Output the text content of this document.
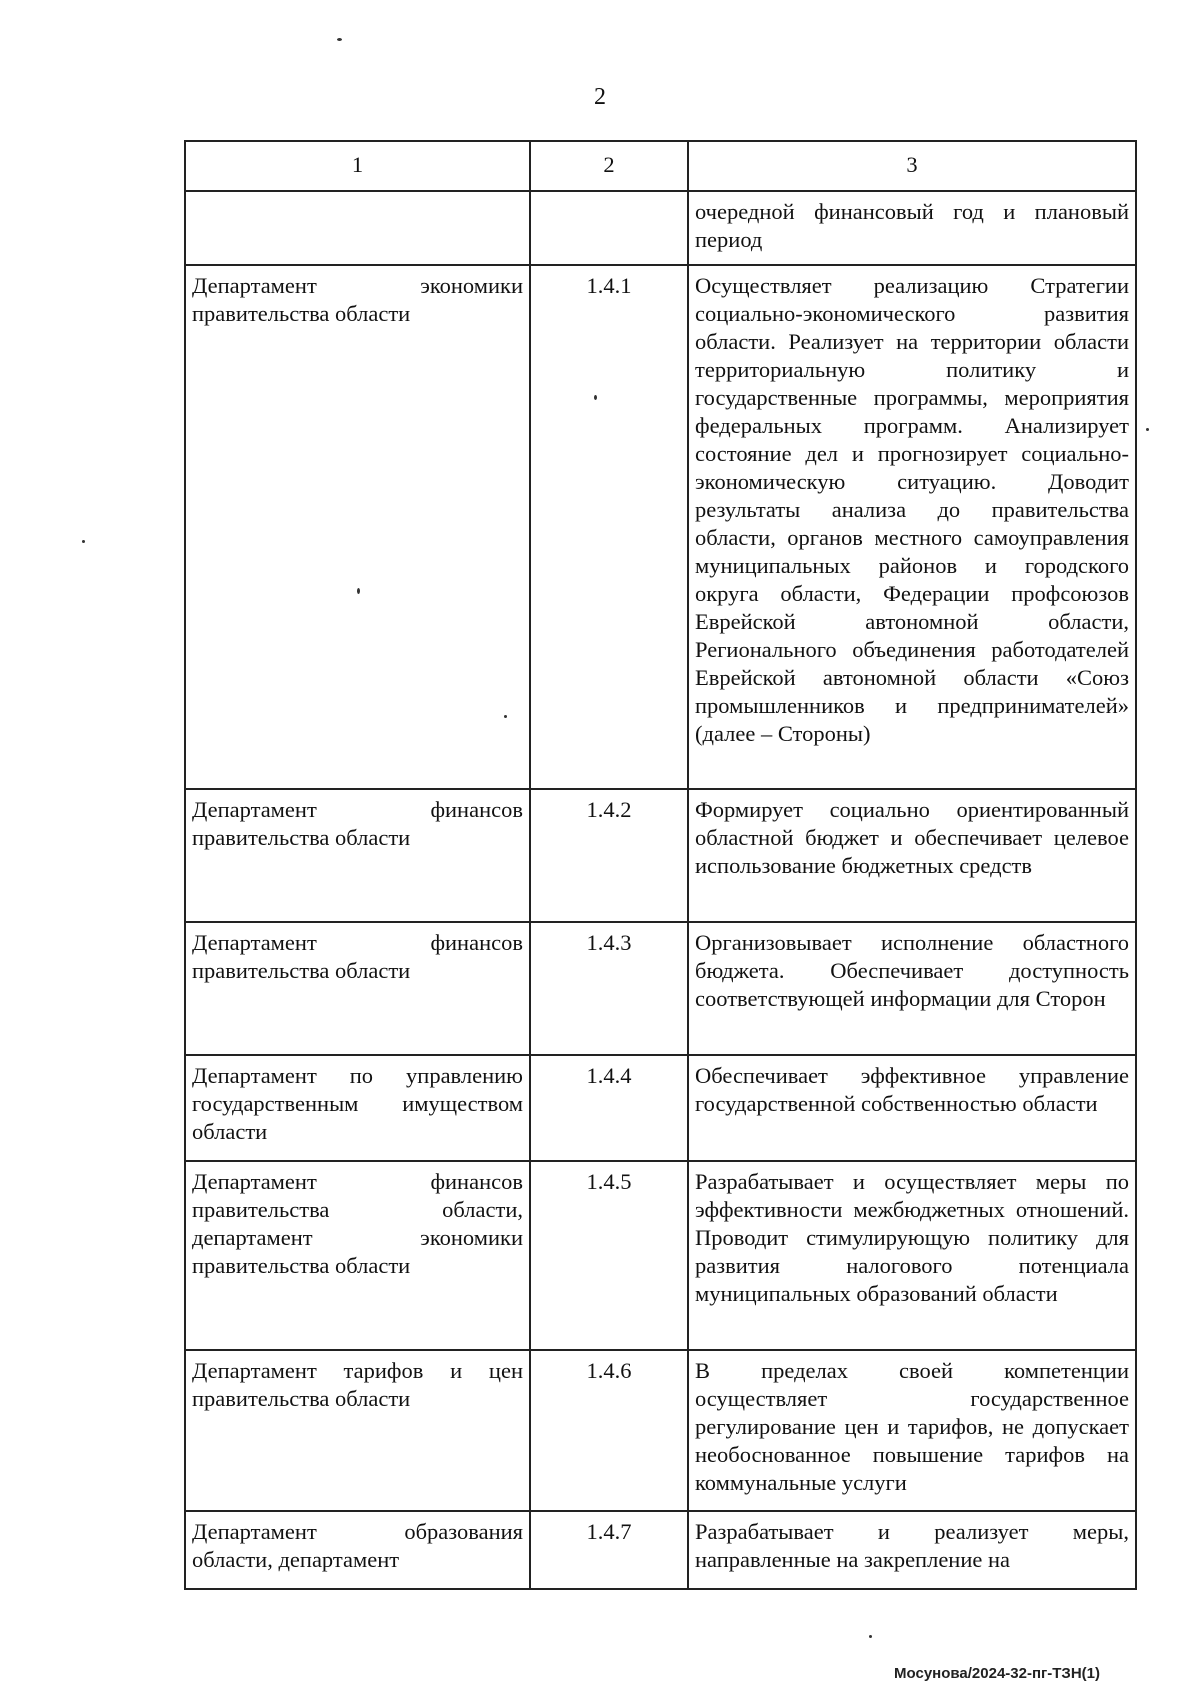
2
1	2	3
		очередной финансовый год и плановый период
Департамент экономики правительства области	1.4.1	Осуществляет реализацию Стратегии социально-экономического развития области. Реализует на территории области территориальную политику и государственные программы, мероприятия федеральных программ. Анализирует состояние дел и прогнозирует социально-экономическую ситуацию. Доводит результаты анализа до правительства области, органов местного самоуправления муниципальных районов и городского округа области, Федерации профсоюзов Еврейской автономной области, Регионального объединения работодателей Еврейской автономной области «Союз промышленников и предпринимателей» (далее – Стороны)
Департамент финансов правительства области	1.4.2	Формирует социально ориентированный областной бюджет и обеспечивает целевое использование бюджетных средств
Департамент финансов правительства области	1.4.3	Организовывает исполнение областного бюджета. Обеспечивает доступность соответствующей информации для Сторон
Департамент по управлению государственным имуществом области	1.4.4	Обеспечивает эффективное управление государственной собственностью области
Департамент финансов правительства области, департамент экономики правительства области	1.4.5	Разрабатывает и осуществляет меры по эффективности межбюджетных отношений. Проводит стимулирующую политику для развития налогового потенциала муниципальных образований области
Департамент тарифов и цен правительства области	1.4.6	В пределах своей компетенции осуществляет государственное регулирование цен и тарифов, не допускает необоснованное повышение тарифов на коммунальные услуги
Департамент образования области, департамент	1.4.7	Разрабатывает и реализует меры, направленные на закрепление на
Мосунова/2024-32-пг-ТЗН(1)
